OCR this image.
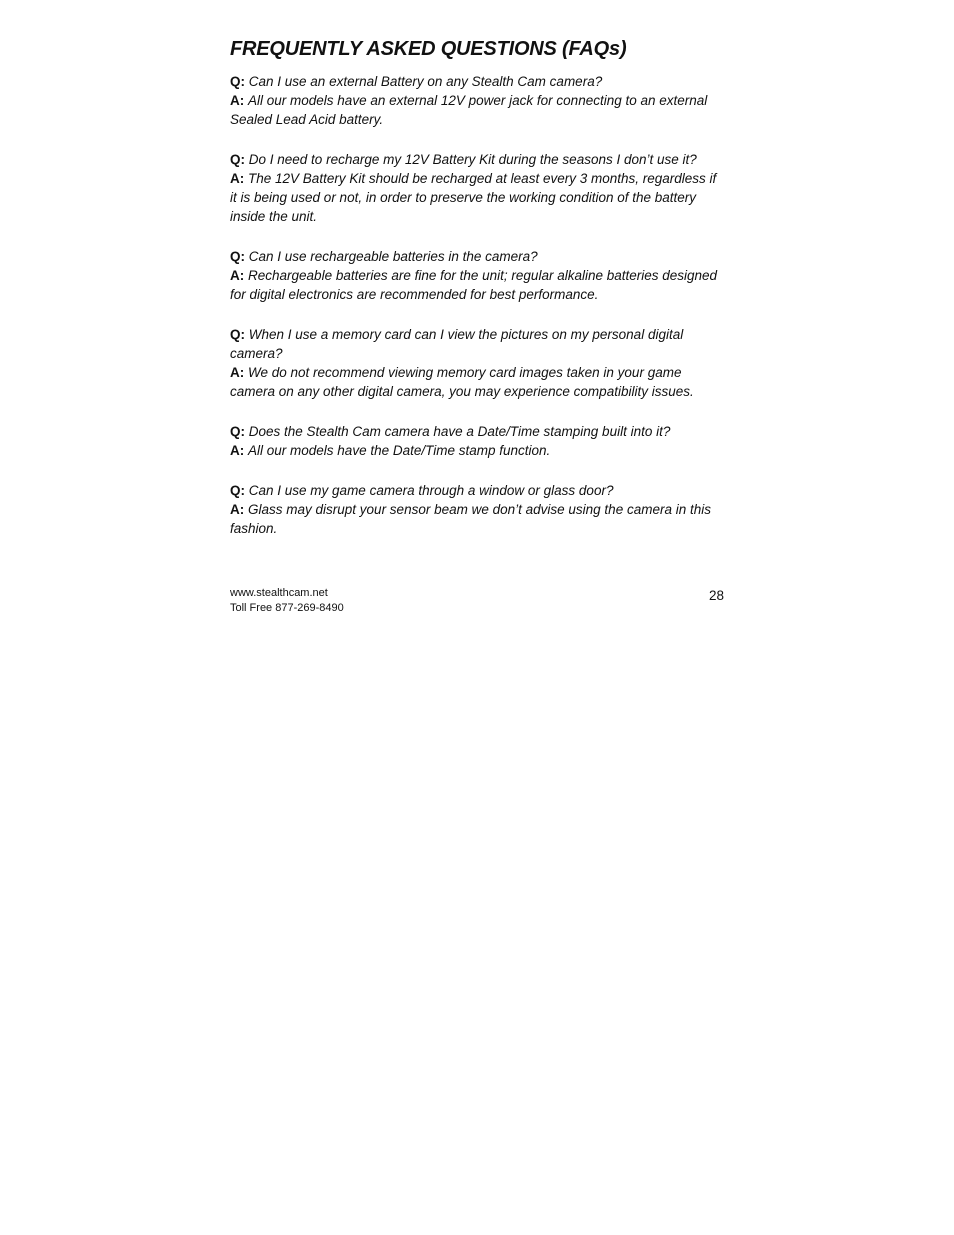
FREQUENTLY ASKED QUESTIONS (FAQs)

Q: Can I use an external Battery on any Stealth Cam camera?

A: All our models have an external 12V power jack for connecting to an external Sealed Lead Acid battery.

Q: Do I need to recharge my 12V Battery Kit during the seasons I don’t use it?

A: The 12V Battery Kit should be recharged at least every 3 months, regardless if it is being used or not, in order to preserve the working condition of the battery inside the unit.

Q: Can I use rechargeable batteries in the camera?

A: Rechargeable batteries are fine for the unit; regular alkaline batteries designed for digital electronics are recommended for best performance.

Q: When I use a memory card can I view the pictures on my personal digital camera?

A: We do not recommend viewing memory card images taken in your game camera on any other digital camera, you may experience compatibility issues.

Q: Does the Stealth Cam camera have a Date/Time stamping built into it?

A: All our models have the Date/Time stamp function.

Q: Can I use my game camera through a window or glass door?

A: Glass may disrupt your sensor beam we don’t advise using the camera in this fashion.

www.stealthcam.net
Toll Free 877-269-8490
28
